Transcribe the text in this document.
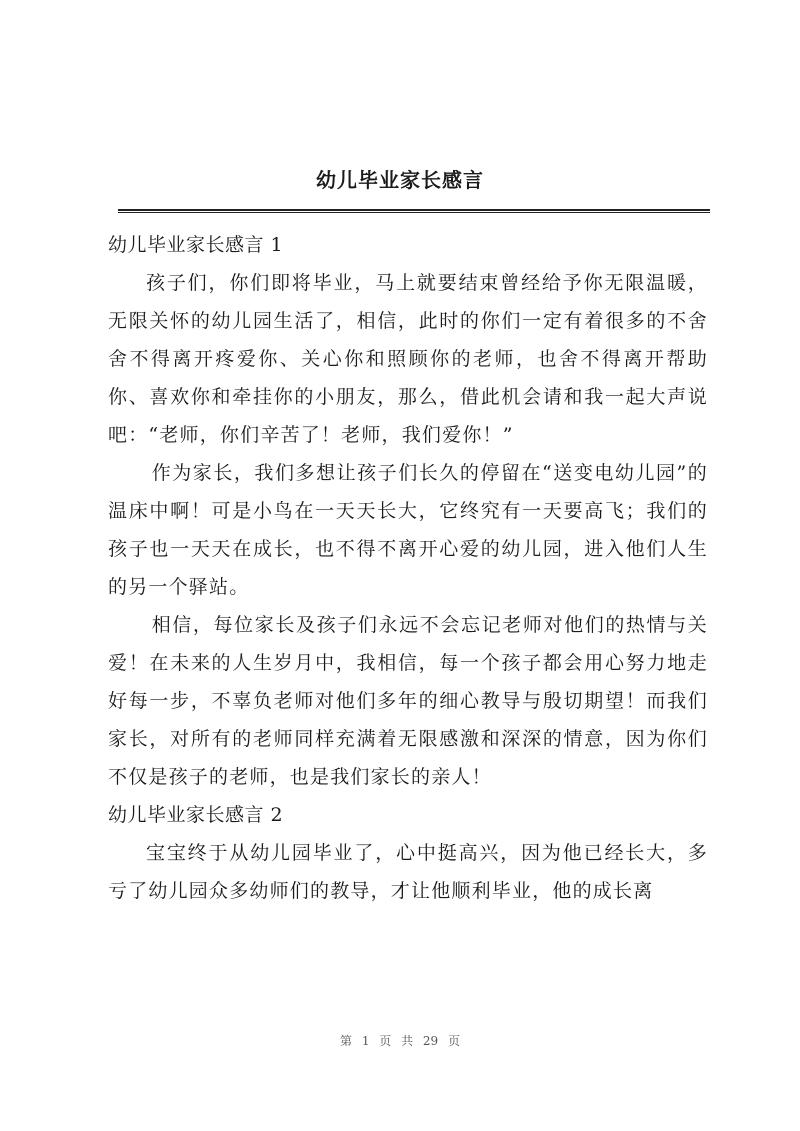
幼儿毕业家长感言
幼儿毕业家长感言 1

孩子们，你们即将毕业，马上就要结束曾经给予你无限温暖，无限关怀的幼儿园生活了，相信，此时的你们一定有着很多的不舍舍不得离开疼爱你、关心你和照顾你的老师，也舍不得离开帮助你、喜欢你和牵挂你的小朋友，那么，借此机会请和我一起大声说吧：“老师，你们辛苦了！老师，我们爱你！”

作为家长，我们多想让孩子们长久的停留在“送变电幼儿园”的温床中啊！可是小鸟在一天天长大，它终究有一天要高飞；我们的孩子也一天天在成长，也不得不离开心爱的幼儿园，进入他们人生的另一个驿站。

相信，每位家长及孩子们永远不会忘记老师对他们的热情与关爱！在未来的人生岁月中，我相信，每一个孩子都会用心努力地走好每一步，不辜负老师对他们多年的细心教导与殷切期望！而我们家长，对所有的老师同样充满着无限感激和深深的情意，因为你们不仅是孩子的老师，也是我们家长的亲人！

幼儿毕业家长感言 2

宝宝终于从幼儿园毕业了，心中挺高兴，因为他已经长大，多亏了幼儿园众多幼师们的教导，才让他顺利毕业，他的成长离

第 1 页 共 29 页
